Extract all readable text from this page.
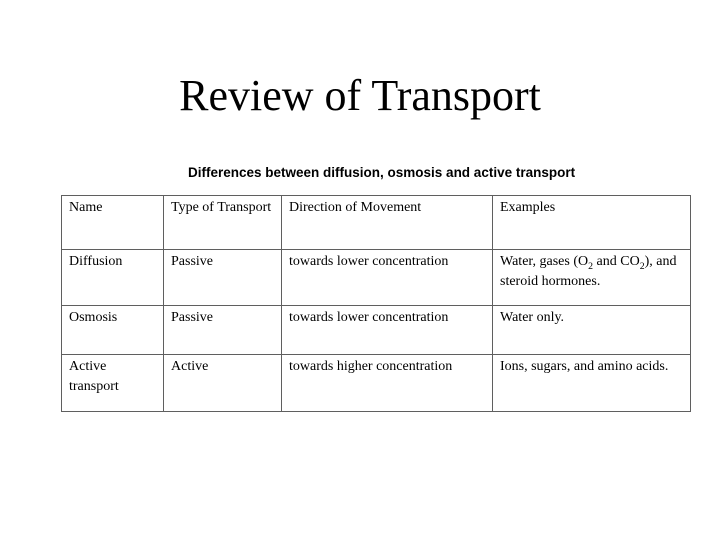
Review of Transport
Differences between diffusion, osmosis and active transport
Name	Type of Transport	Direction of Movement	Examples
Diffusion	Passive	towards lower concentration	Water, gases ($O_2$ and $CO_2$), and steroid hormones.
Osmosis	Passive	towards lower concentration	Water only.
Active transport	Active	towards higher concentration	Ions, sugars, and amino acids.
